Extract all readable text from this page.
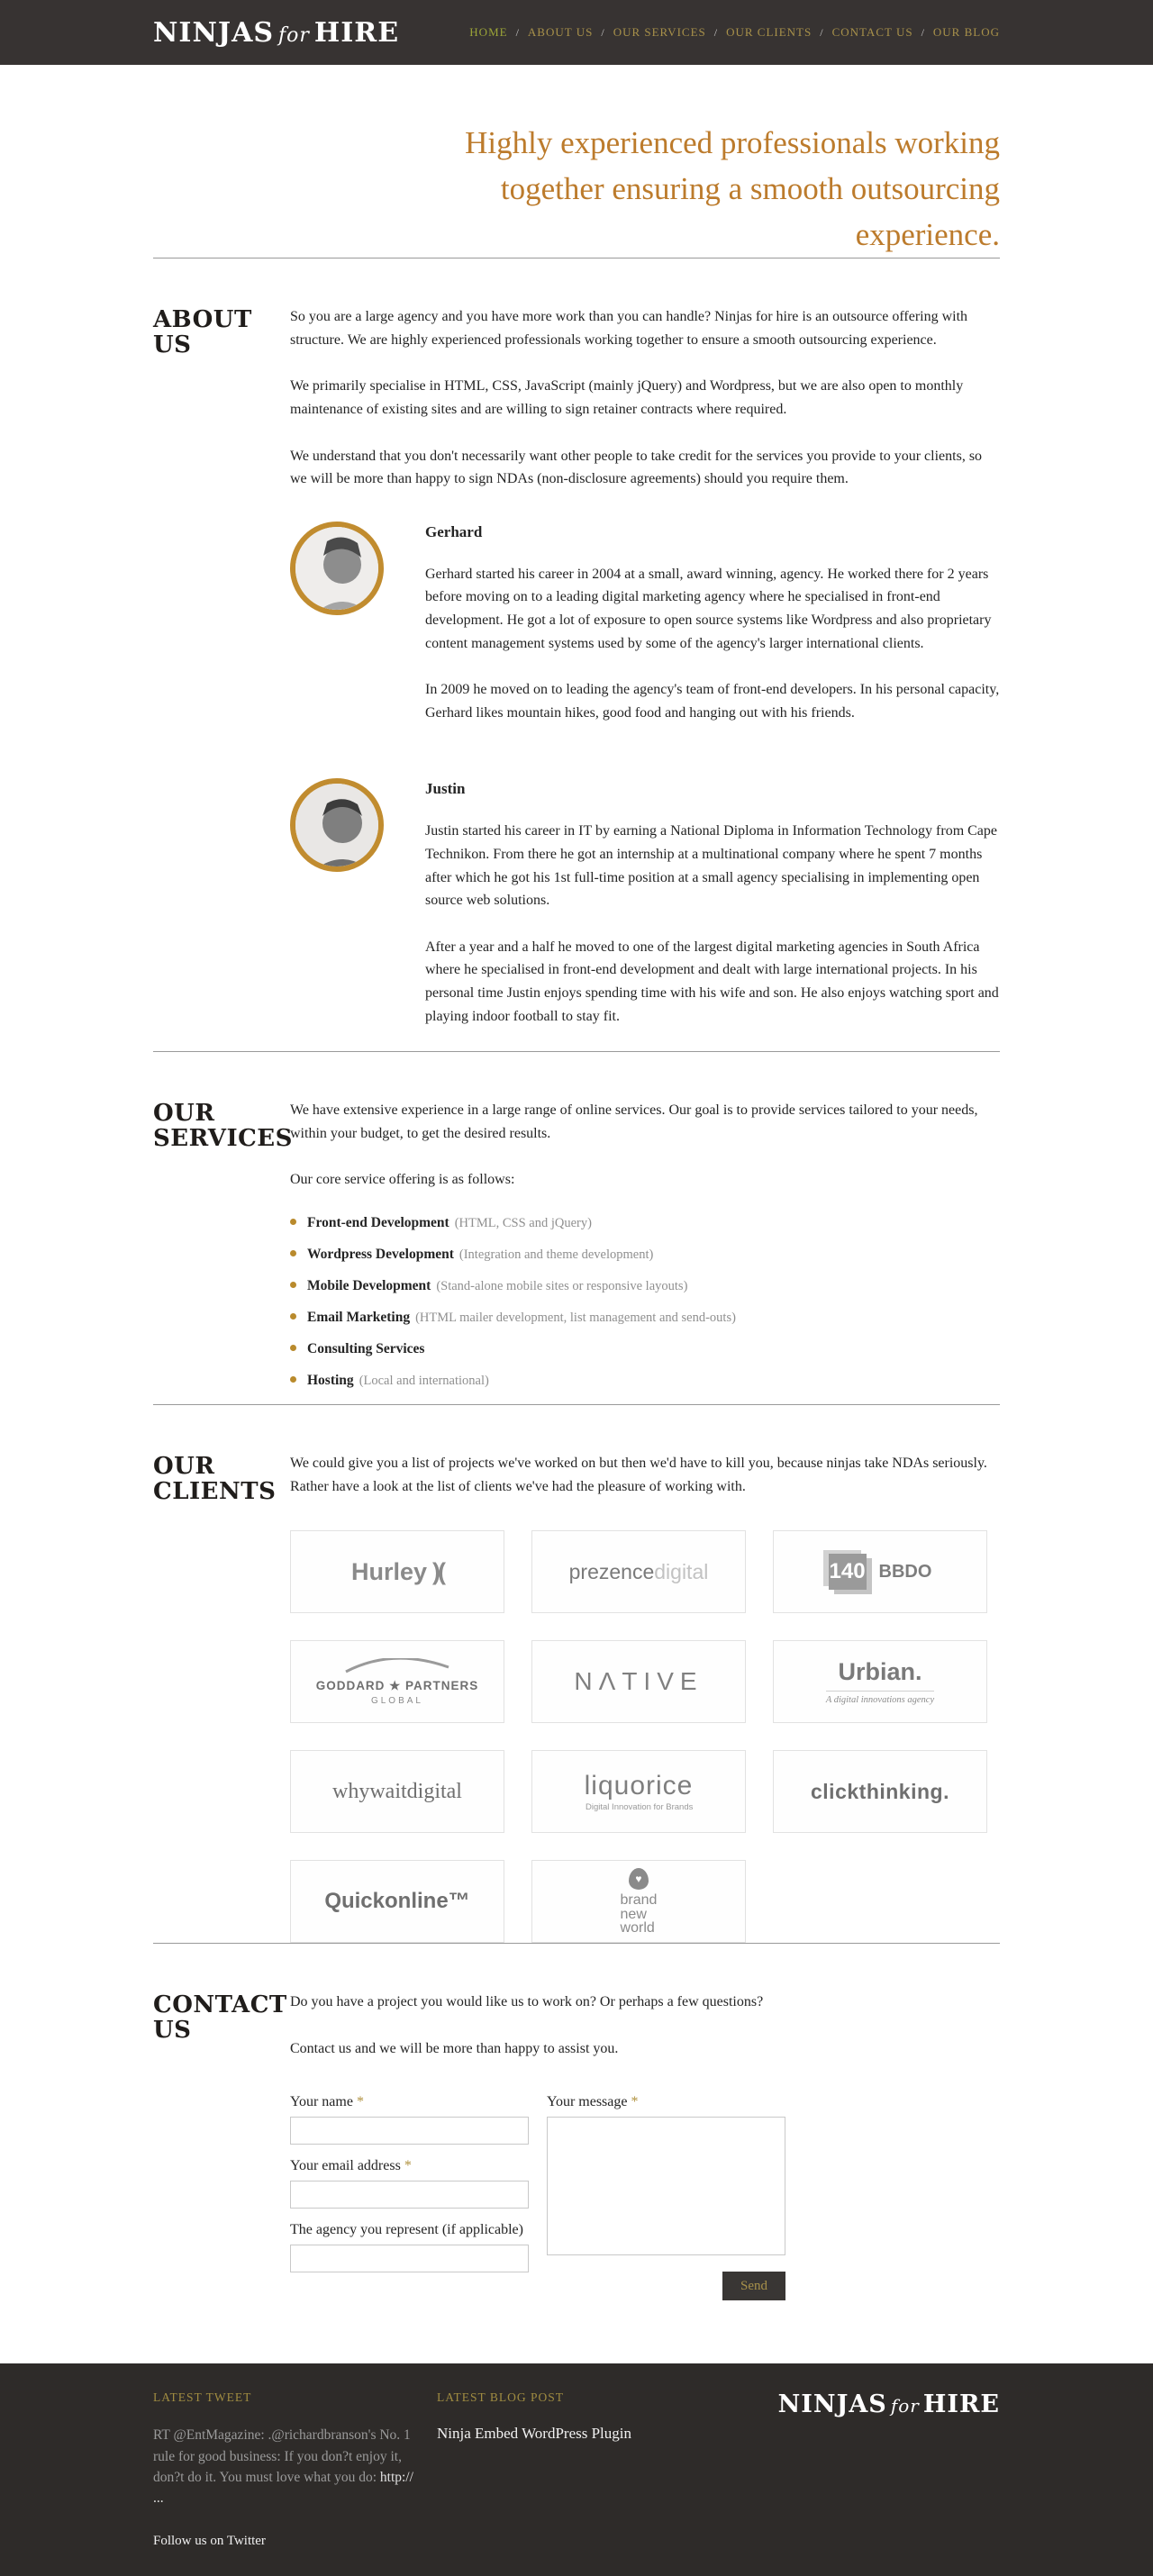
NINJAS for HIRE	HOME / ABOUT US / OUR SERVICES / OUR CLIENTS / CONTACT US / OUR BLOG
Highly experienced professionals working
together ensuring a smooth outsourcing
experience.
ABOUT US

So you are a large agency and you have more work than you can handle? Ninjas for hire is an outsource offering with structure. We are highly experienced professionals working together to ensure a smooth outsourcing experience.

We primarily specialise in HTML, CSS, JavaScript (mainly jQuery) and Wordpress, but we are also open to monthly maintenance of existing sites and are willing to sign retainer contracts where required.

We understand that you don't necessarily want other people to take credit for the services you provide to your clients, so we will be more than happy to sign NDAs (non-disclosure agreements) should you require them.

Gerhard

Gerhard started his career in 2004 at a small, award winning, agency. He worked there for 2 years before moving on to a leading digital marketing agency where he specialised in front-end development. He got a lot of exposure to open source systems like Wordpress and also proprietary content management systems used by some of the agency's larger international clients.

In 2009 he moved on to leading the agency's team of front-end developers. In his personal capacity, Gerhard likes mountain hikes, good food and hanging out with his friends.

Justin

Justin started his career in IT by earning a National Diploma in Information Technology from Cape Technikon. From there he got an internship at a multinational company where he spent 7 months after which he got his 1st full-time position at a small agency specialising in implementing open source web solutions.

After a year and a half he moved to one of the largest digital marketing agencies in South Africa where he specialised in front-end development and dealt with large international projects. In his personal time Justin enjoys spending time with his wife and son. He also enjoys watching sport and playing indoor football to stay fit.

OUR SERVICES

We have extensive experience in a large range of online services. Our goal is to provide services tailored to your needs, within your budget, to get the desired results.

Our core service offering is as follows:

Front-end Development (HTML, CSS and jQuery)
Wordpress Development (Integration and theme development)
Mobile Development (Stand-alone mobile sites or responsive layouts)
Email Marketing (HTML mailer development, list management and send-outs)
Consulting Services
Hosting (Local and international)
OUR CLIENTS

We could give you a list of projects we've worked on but then we'd have to kill you, because ninjas take NDAs seriously. Rather have a look at the list of clients we've had the pleasure of working with.

Hurley )(	prezencedigital	140 BBDO
GODDARD ★ PARTNERS
GLOBAL
NΛTIVE	Urbian.
A digital innovations agency
whywaitdigital	liquorice
Digital Innovation for Brands
clickthinking.
Quickonline™
♥
brand
new
world
CONTACT US

Do you have a project you would like us to work on? Or perhaps a few questions?

Contact us and we will be more than happy to assist you.

Your name *
Your email address *
The agency you represent (if applicable)
Your message *
Send
LATEST TWEET

RT @EntMagazine: .@richardbranson's No. 1 rule for good business: If you don?t enjoy it, don?t do it. You must love what you do: http:// ...

Follow us on Twitter
LATEST BLOG POST
Ninja Embed WordPress Plugin
NINJAS for HIRE
